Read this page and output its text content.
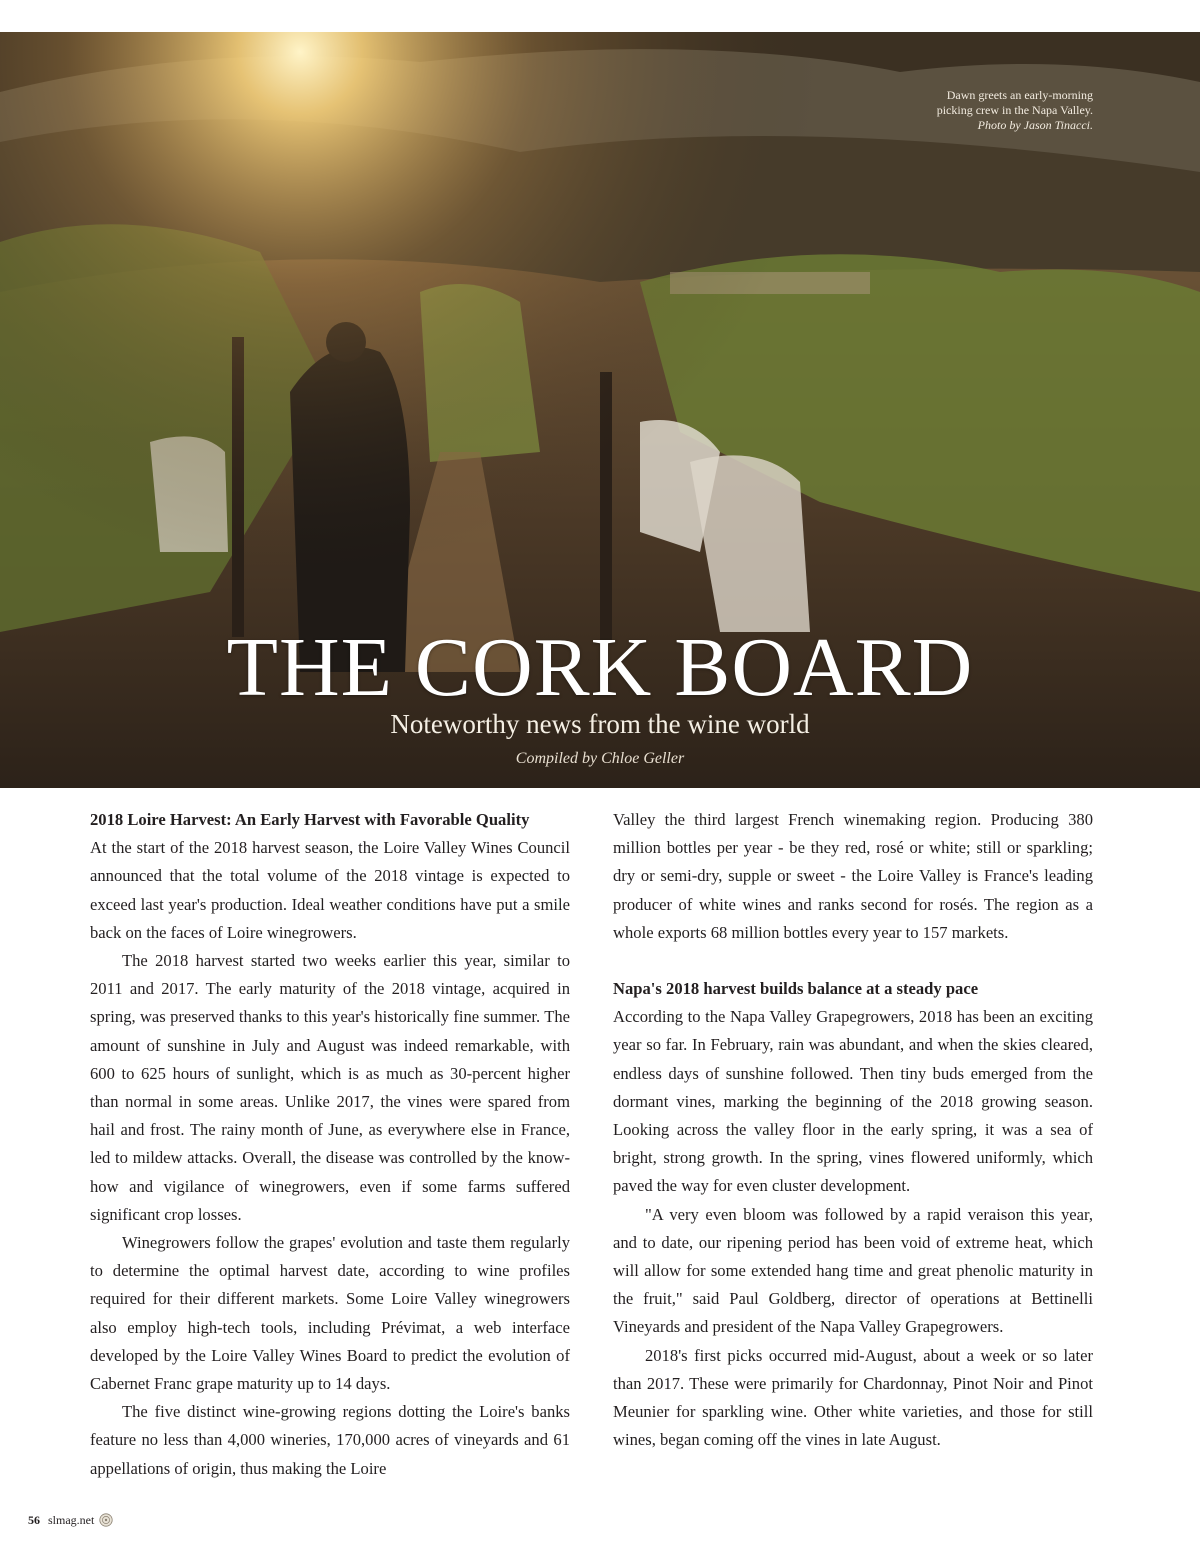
Dawn greets an early-morning
picking crew in the Napa Valley.
Photo by Jason Tinacci.
THE CORK BOARD
Noteworthy news from the wine world
Compiled by Chloe Geller
2018 Loire Harvest: An Early Harvest with Favorable Quality

At the start of the 2018 harvest season, the Loire Valley Wines Council announced that the total volume of the 2018 vintage is expected to exceed last year's production. Ideal weather conditions have put a smile back on the faces of Loire winegrowers.

The 2018 harvest started two weeks earlier this year, similar to 2011 and 2017. The early maturity of the 2018 vintage, acquired in spring, was preserved thanks to this year's historically fine summer. The amount of sunshine in July and August was indeed remarkable, with 600 to 625 hours of sunlight, which is as much as 30-percent higher than normal in some areas. Unlike 2017, the vines were spared from hail and frost. The rainy month of June, as everywhere else in France, led to mildew attacks. Overall, the disease was controlled by the know-how and vigilance of winegrowers, even if some farms suffered significant crop losses.

Winegrowers follow the grapes' evolution and taste them regularly to determine the optimal harvest date, according to wine profiles required for their different markets. Some Loire Valley winegrowers also employ high-tech tools, including Prévimat, a web interface developed by the Loire Valley Wines Board to predict the evolution of Cabernet Franc grape maturity up to 14 days.

The five distinct wine-growing regions dotting the Loire's banks feature no less than 4,000 wineries, 170,000 acres of vineyards and 61 appellations of origin, thus making the Loire

Valley the third largest French winemaking region. Producing 380 million bottles per year - be they red, rosé or white; still or sparkling; dry or semi-dry, supple or sweet - the Loire Valley is France's leading producer of white wines and ranks second for rosés. The region as a whole exports 68 million bottles every year to 157 markets.

Napa's 2018 harvest builds balance at a steady pace

According to the Napa Valley Grapegrowers, 2018 has been an exciting year so far. In February, rain was abundant, and when the skies cleared, endless days of sunshine followed. Then tiny buds emerged from the dormant vines, marking the beginning of the 2018 growing season. Looking across the valley floor in the early spring, it was a sea of bright, strong growth. In the spring, vines flowered uniformly, which paved the way for even cluster development.

"A very even bloom was followed by a rapid veraison this year, and to date, our ripening period has been void of extreme heat, which will allow for some extended hang time and great phenolic maturity in the fruit," said Paul Goldberg, director of operations at Bettinelli Vineyards and president of the Napa Valley Grapegrowers.

2018's first picks occurred mid-August, about a week or so later than 2017. These were primarily for Chardonnay, Pinot Noir and Pinot Meunier for sparkling wine. Other white varieties, and those for still wines, began coming off the vines in late August.

56 slmag.net
